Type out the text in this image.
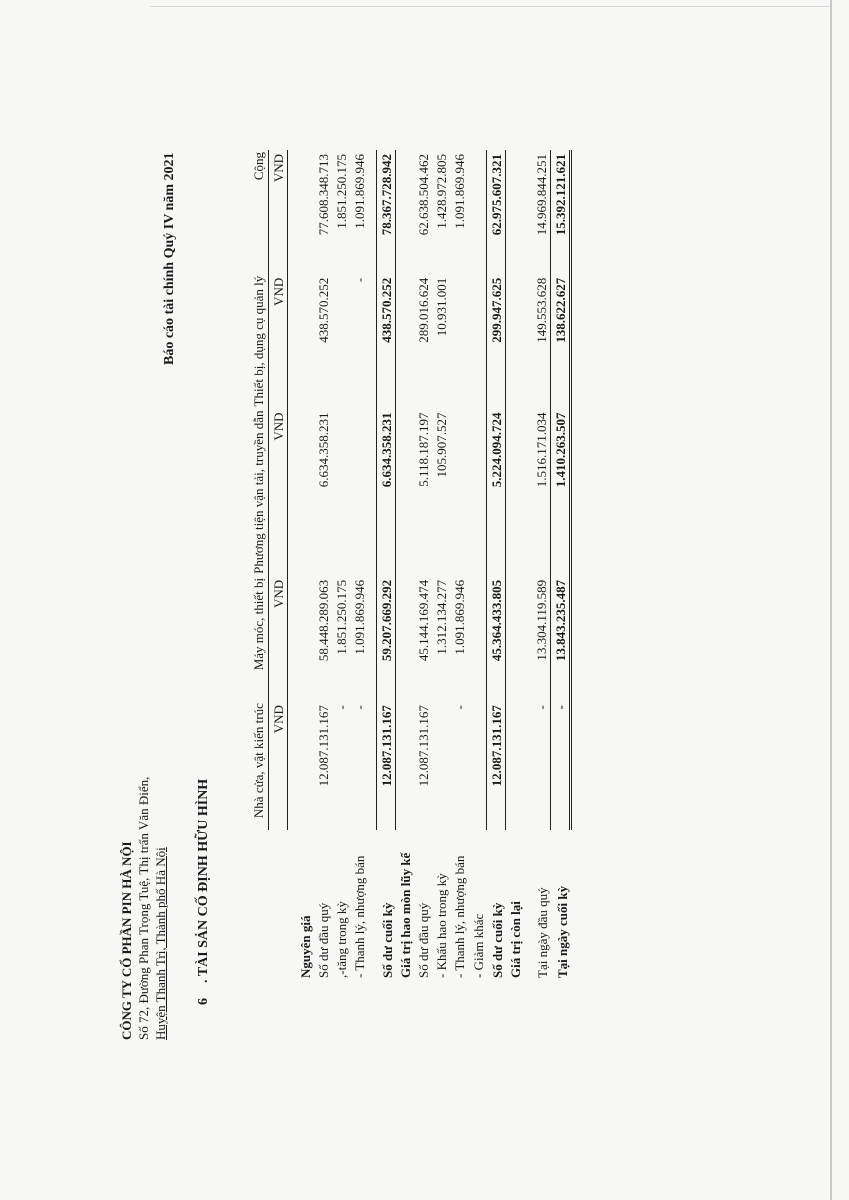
CÔNG TY CỔ PHẦN PIN HÀ NỘI Số 72, Đường Phan Trọng Tuệ, Thị trấn Văn Điển, Huyện Thanh Trì, Thành phố Hà Nội
Báo cáo tài chính Quý IV năm 2021
6. TÀI SẢN CỐ ĐỊNH HỮU HÌNH
	Nhà cửa, vật kiến trúc	Máy móc, thiết bị	Phương tiện vận tải, truyền dẫn	Thiết bị, dụng cụ quản lý	Cộng
	VND	VND	VND	VND	VND

Nguyên giá					
Số dư đầu quý	12.087.131.167	58.448.289.063	6.634.358.231	438.570.252	77.608.348.713
,-tăng trong kỳ	-	1.851.250.175			1.851.250.175
- Thanh lý, nhượng bán	-	1.091.869.946		-	1.091.869.946

Số dư cuối kỳ	12.087.131.167	59.207.669.292	6.634.358.231	438.570.252	78.367.728.942
Giá trị hao mòn lũy kế					
Số dư đầu quý	12.087.131.167	45.144.169.474	5.118.187.197	289.016.624	62.638.504.462
- Khấu hao trong kỳ		1.312.134.277	105.907.527	10.931.001	1.428.972.805
- Thanh lý, nhượng bán	-	1.091.869.946			1.091.869.946
- Giảm khác					
Số dư cuối kỳ	12.087.131.167	45.364.433.805	5.224.094.724	299.947.625	62.975.607.321
Giá trị còn lại					

Tại ngày đầu quý	-	13.304.119.589	1.516.171.034	149.553.628	14.969.844.251
Tại ngày cuối kỳ	-	13.843.235.487	1.410.263.507	138.622.627	15.392.121.621
